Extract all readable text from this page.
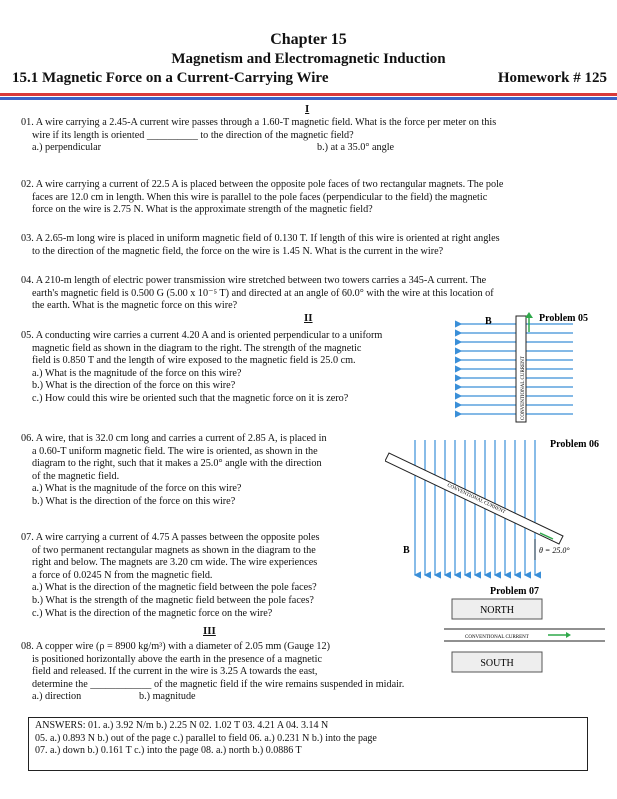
Chapter 15
Magnetism and Electromagnetic Induction
15.1 Magnetic Force on a Current-Carrying Wire	Homework # 125
I
01. A wire carrying a 2.45-A current wire passes through a 1.60-T magnetic field. What is the force per meter on this
wire if its length is oriented __________ to the direction of the magnetic field?
a.) perpendicular	b.) at a 35.0° angle
02. A wire carrying a current of 22.5 A is placed between the opposite pole faces of two rectangular magnets. The pole
faces are 12.0 cm in length. When this wire is parallel to the pole faces (perpendicular to the field) the magnetic
force on the wire is 2.75 N. What is the approximate strength of the magnetic field?
03. A 2.65-m long wire is placed in uniform magnetic field of 0.130 T. If length of this wire is oriented at right angles
to the direction of the magnetic field, the force on the wire is 1.45 N. What is the current in the wire?
04. A 210-m length of electric power transmission wire stretched between two towers carries a 345-A current. The
earth's magnetic field is 0.500 G (5.00 x 10⁻⁵ T) and directed at an angle of 60.0° with the wire at this location of
the earth. What is the magnetic force on this wire?
II
05. A conducting wire carries a current 4.20 A and is oriented perpendicular to a uniform
magnetic field as shown in the diagram to the right. The strength of the magnetic
field is 0.850 T and the length of wire exposed to the magnetic field is 25.0 cm.
a.) What is the magnitude of the force on this wire?
b.) What is the direction of the force on this wire?
c.) How could this wire be oriented such that the magnetic force on it is zero?
06. A wire, that is 32.0 cm long and carries a current of 2.85 A, is placed in
a 0.60-T uniform magnetic field. The wire is oriented, as shown in the
diagram to the right, such that it makes a 25.0° angle with the direction
of the magnetic field.
a.) What is the magnitude of the force on this wire?
b.) What is the direction of the force on this wire?
07. A wire carrying a current of 4.75 A passes between the opposite poles
of two permanent rectangular magnets as shown in the diagram to the
right and below. The magnets are 3.20 cm wide. The wire experiences
a force of 0.0245 N from the magnetic field.
a.) What is the direction of the magnetic field between the pole faces?
b.) What is the strength of the magnetic field between the pole faces?
c.) What is the direction of the magnetic force on the wire?
III
08. A copper wire (ρ = 8900 kg/m³) with a diameter of 2.05 mm (Gauge 12)
is positioned horizontally above the earth in the presence of a magnetic
field and released. If the current in the wire is 3.25 A towards the east,
determine the ____________ of the magnetic field if the wire remains suspended in midair.
a.) direction	b.) magnitude
ANSWERS: 01. a.) 3.92 N/m b.) 2.25 N 02. 1.02 T 03. 4.21 A 04. 3.14 N
05. a.) 0.893 N b.) out of the page c.) parallel to field 06. a.) 0.231 N b.) into the page
07. a.) down b.) 0.161 T c.) into the page 08. a.) north b.) 0.0886 T
B
CONVENTIONAL CURRENT
Problem 05
B
CONVENTIONAL CURRENT
θ = 25.0°
Problem 06
Problem 07
NORTH
CONVENTIONAL CURRENT
SOUTH
